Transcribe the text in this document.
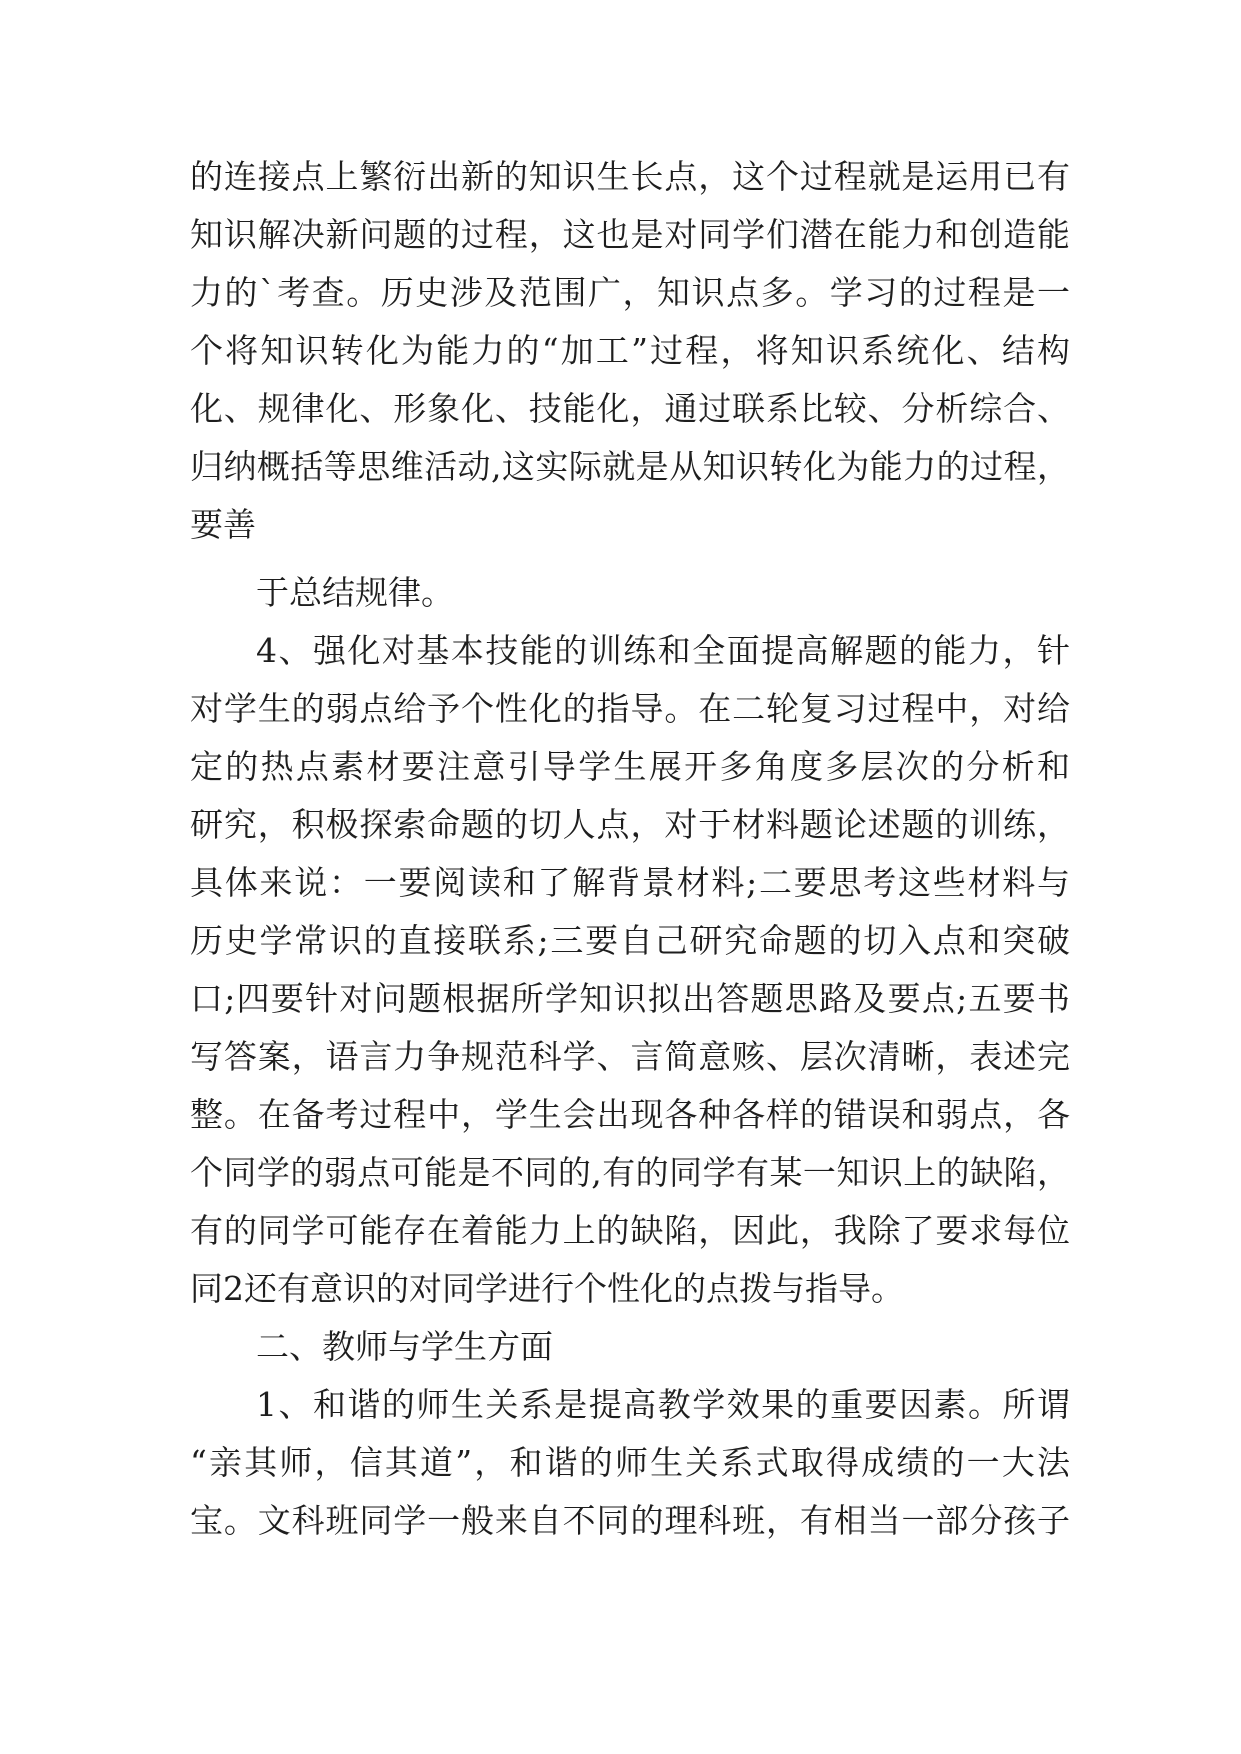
的连接点上繁衍出新的知识生长点，这个过程就是运用已有
知识解决新问题的过程，这也是对同学们潜在能力和创造能
力的`考查。历史涉及范围广，知识点多。学习的过程是一
个将知识转化为能力的“加工”过程，将知识系统化、结构
化、规律化、形象化、技能化，通过联系比较、分析综合、
归纳概括等思维活动,这实际就是从知识转化为能力的过程，
要善
于总结规律。
4、强化对基本技能的训练和全面提高解题的能力，针
对学生的弱点给予个性化的指导。在二轮复习过程中，对给
定的热点素材要注意引导学生展开多角度多层次的分析和
研究，积极探索命题的切人点，对于材料题论述题的训练，
具体来说：一要阅读和了解背景材料;二要思考这些材料与
历史学常识的直接联系;三要自己研究命题的切入点和突破
口;四要针对问题根据所学知识拟出答题思路及要点;五要书
写答案，语言力争规范科学、言简意赅、层次清晰，表述完
整。在备考过程中，学生会出现各种各样的错误和弱点，各
个同学的弱点可能是不同的,有的同学有某一知识上的缺陷，
有的同学可能存在着能力上的缺陷，因此，我除了要求每位
同2还有意识的对同学进行个性化的点拨与指导。
二、教师与学生方面
1、和谐的师生关系是提高教学效果的重要因素。所谓
“亲其师，信其道”，和谐的师生关系式取得成绩的一大法
宝。文科班同学一般来自不同的理科班，有相当一部分孩子
